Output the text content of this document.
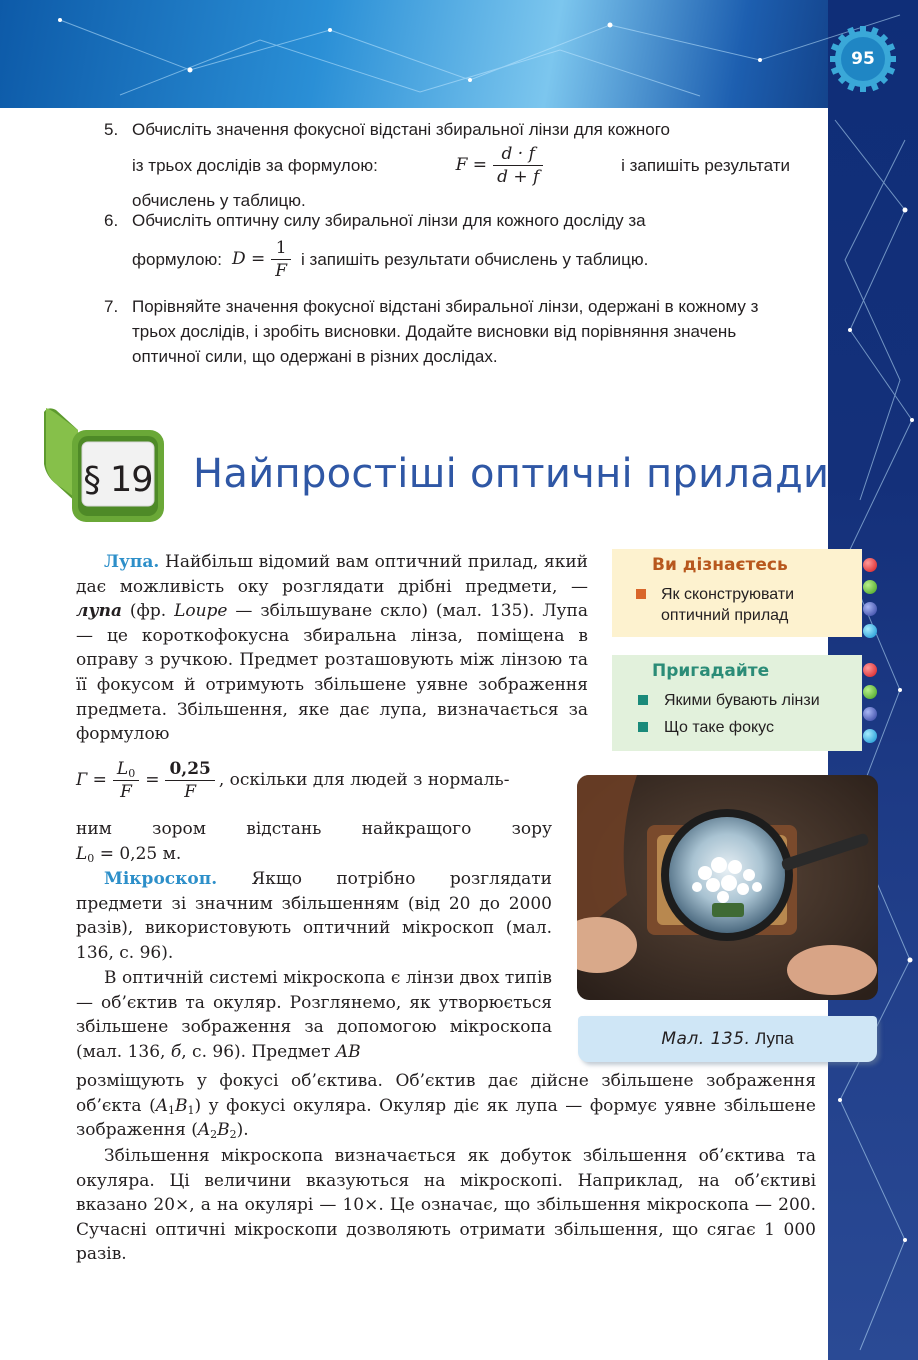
95
5. Обчисліть значення фокусної відстані збиральної лінзи для кожного
із трьох дослідів за формулою:	$F = \frac{d \cdot f}{d + f}$	і запишіть результати
обчислень у таблицю.
6. Обчисліть оптичну силу збиральної лінзи для кожного досліду за
формулою: $D = \frac{1}{F}$ і запишіть результати обчислень у таблицю.
7. Порівняйте значення фокусної відстані збиральної лінзи, одержані в кожному з трьох дослідів, і зробіть висновки. Додайте висновки від порівняння значень оптичної сили, що одержані в різних дослідах.
§ 19 Найпростіші оптичні прилади
Ви дізнаєтесь
Як сконструювати оптичний прилад
Пригадайте
Якими бувають лінзи
Що таке фокус
Лупа. Найбільш відомий вам оптичний прилад, який дає можливість оку розглядати дрібні предмети, — лупа (фр. Loupe — збільшуване скло) (мал. 135). Лупа — це короткофокусна збиральна лінза, поміщена в оправу з ручкою. Предмет розташовують між лінзою та її фокусом й отримують збільшене уявне зображення предмета. Збільшення, яке дає лупа, визначається за формулою
$Г = \frac{L_0}{F} = \frac{0,25}{F}$ , оскільки для людей з нормаль-
ним зором відстань найкращого зору
$L_0 = 0,25$ м.
Мікроскоп. Якщо потрібно розглядати предмети зі значним збільшенням (від 20 до 2000 разів), використовують оптичний мікроскоп (мал. 136, с. 96).
В оптичній системі мікроскопа є лінзи двох типів — об’єктив та окуляр. Розглянемо, як утворюється збільшене зображення за допомогою мікроскопа (мал. 136, б, с. 96). Предмет AB
розміщують у фокусі об’єктива. Об’єктив дає дійсне збільшене зображення об’єкта $(A_1B_1)$ у фокусі окуляра. Окуляр діє як лупа — формує уявне збільшене зображення $(A_2B_2)$.
Збільшення мікроскопа визначається як добуток збільшення об’єктива та окуляра. Ці величини вказуються на мікроскопі. Наприклад, на об’єктиві вказано 20×, а на окулярі — 10×. Це означає, що збільшення мікроскопа — 200. Сучасні оптичні мікроскопи дозволяють отримати збільшення, що сягає 1 000 разів.
Мал. 135. Лупа
